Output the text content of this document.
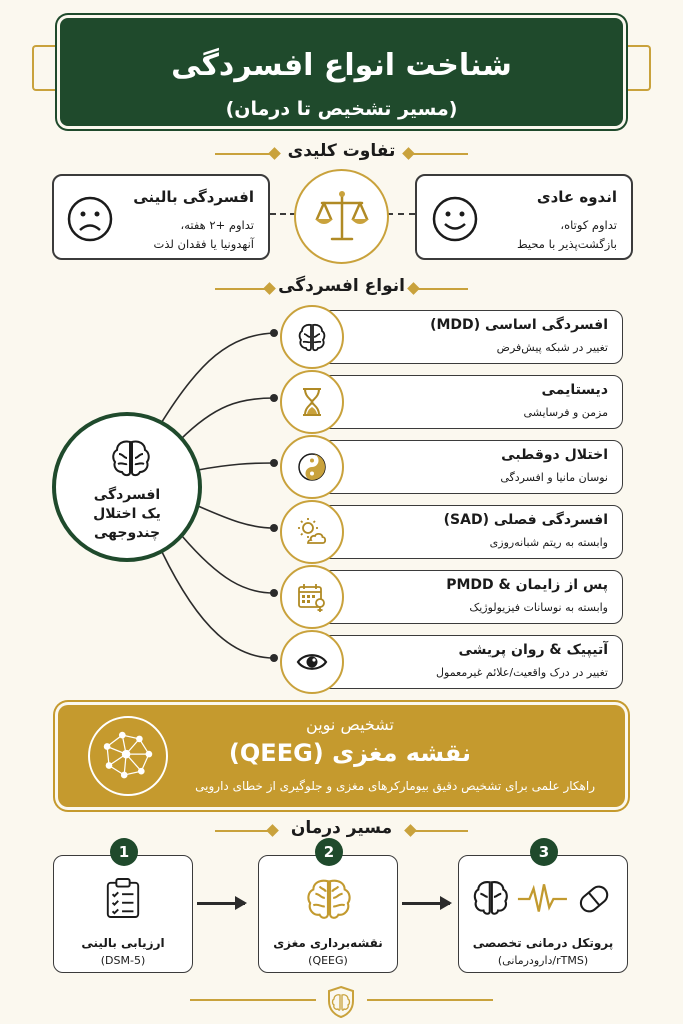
شناخت انواع افسردگی
(مسیر تشخیص تا درمان)
تفاوت کلیدی
افسردگی بالینی
تداوم +۲ هفته،
آنهدونیا یا فقدان لذت
اندوه عادی
تداوم کوتاه،
بازگشت‌پذیر با محیط
انواع افسردگی
افسردگی
یک اختلال
چندوجهی
افسردگی اساسی (MDD)
تغییر در شبکه پیش‌فرض
دیستایمی
مزمن و فرسایشی
اختلال دوقطبی
نوسان مانیا و افسردگی
افسردگی فصلی (SAD)
وابسته به ریتم شبانه‌روزی
پس از زایمان & PMDD
وابسته به نوسانات فیزیولوژیک
آتیپیک & روان پریشی
تغییر در درک واقعیت/علائم غیرمعمول
تشخیص نوین
نقشه مغزی (QEEG)
راهکار علمی برای تشخیص دقیق بیومارکرهای مغزی و جلوگیری از خطای دارویی
مسیر درمان
1
ارزیابی بالینی
(DSM-5)
2
نقشه‌برداری مغزی
(QEEG)
3
پروتکل درمانی تخصصی
(rTMS/دارودرمانی)
